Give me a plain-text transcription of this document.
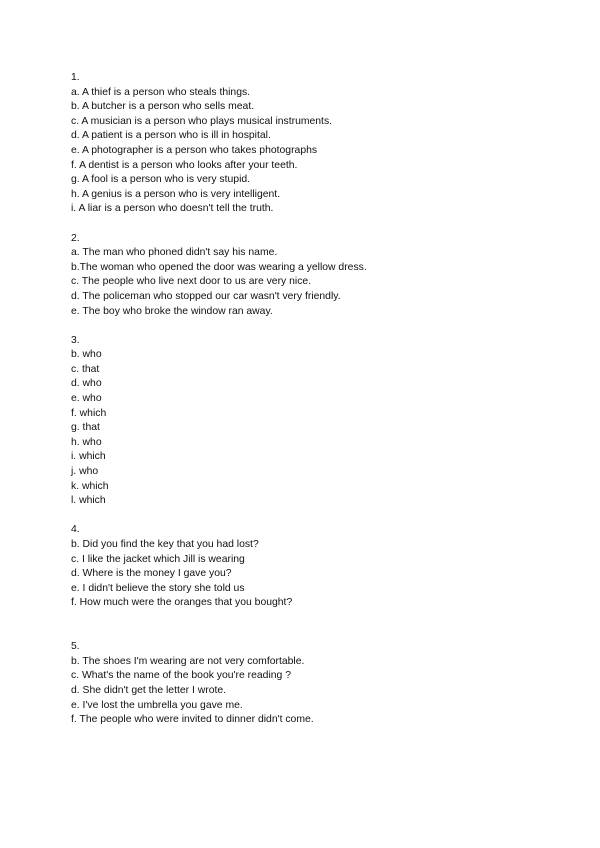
1.
a. A thief is a person who steals things.
b. A butcher is a person who sells meat.
c. A musician is a person who plays musical instruments.
d. A patient is a person who is ill in hospital.
e. A photographer is a person who takes photographs
f. A dentist is a person who looks after your teeth.
g. A fool is a person who is very stupid.
h. A genius is a person who is very intelligent.
i. A liar is a person who doesn't tell the truth.
2.
a. The man who phoned didn't say his name.
b.The woman who opened the door was wearing a yellow dress.
c. The people who live next door to us are very nice.
d. The policeman who stopped our car wasn't very friendly.
e. The boy who broke the window ran away.
3.
b. who
c. that
d. who
e. who
f. which
g. that
h. who
i. which
j. who
k. which
l. which
4.
b. Did you find the key that you had lost?
c. I like the jacket which Jill is wearing
d. Where is the money I gave you?
e. I didn't believe the story she told us
f. How much were the oranges that you bought?
5.
b. The shoes I'm wearing are not very comfortable.
c. What's the name of the book you're reading ?
d. She didn't get the letter I wrote.
e. I've lost the umbrella you gave me.
f. The people who were invited to dinner didn't come.
